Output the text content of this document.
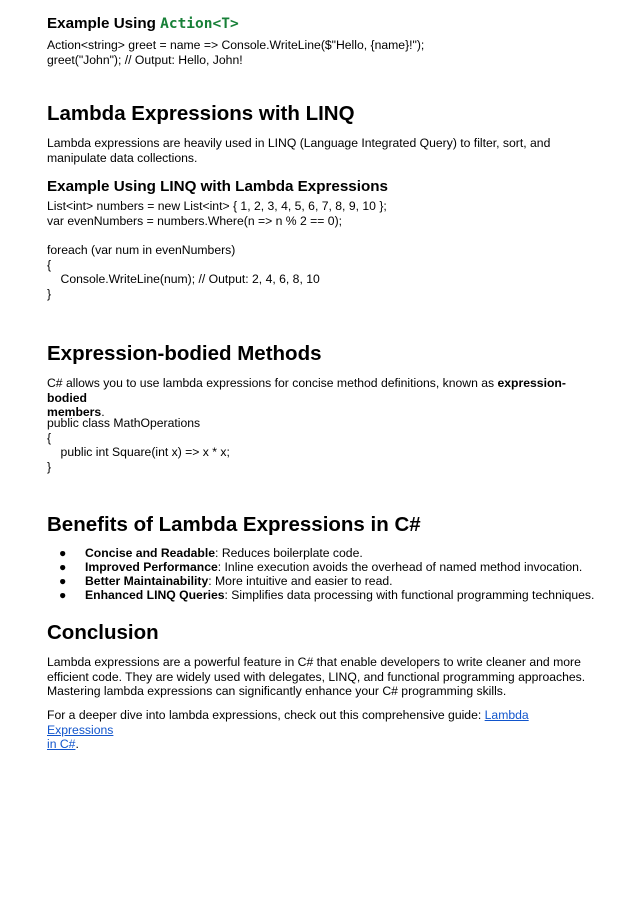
Example Using Action<T>
Action<string> greet = name => Console.WriteLine($"Hello, {name}!");
greet("John"); // Output: Hello, John!
Lambda Expressions with LINQ
Lambda expressions are heavily used in LINQ (Language Integrated Query) to filter, sort, and
manipulate data collections.
Example Using LINQ with Lambda Expressions
List<int> numbers = new List<int> { 1, 2, 3, 4, 5, 6, 7, 8, 9, 10 };
var evenNumbers = numbers.Where(n => n % 2 == 0);
foreach (var num in evenNumbers)
{
Console.WriteLine(num); // Output: 2, 4, 6, 8, 10
}
Expression-bodied Methods
C# allows you to use lambda expressions for concise method definitions, known as expression-bodied
members.
public class MathOperations
{
public int Square(int x) => x * x;
}
Benefits of Lambda Expressions in C#
● Concise and Readable: Reduces boilerplate code.
● Improved Performance: Inline execution avoids the overhead of named method invocation.
● Better Maintainability: More intuitive and easier to read.
● Enhanced LINQ Queries: Simplifies data processing with functional programming techniques.
Conclusion
Lambda expressions are a powerful feature in C# that enable developers to write cleaner and more
efficient code. They are widely used with delegates, LINQ, and functional programming approaches.
Mastering lambda expressions can significantly enhance your C# programming skills.
For a deeper dive into lambda expressions, check out this comprehensive guide: Lambda Expressions
in C#.
